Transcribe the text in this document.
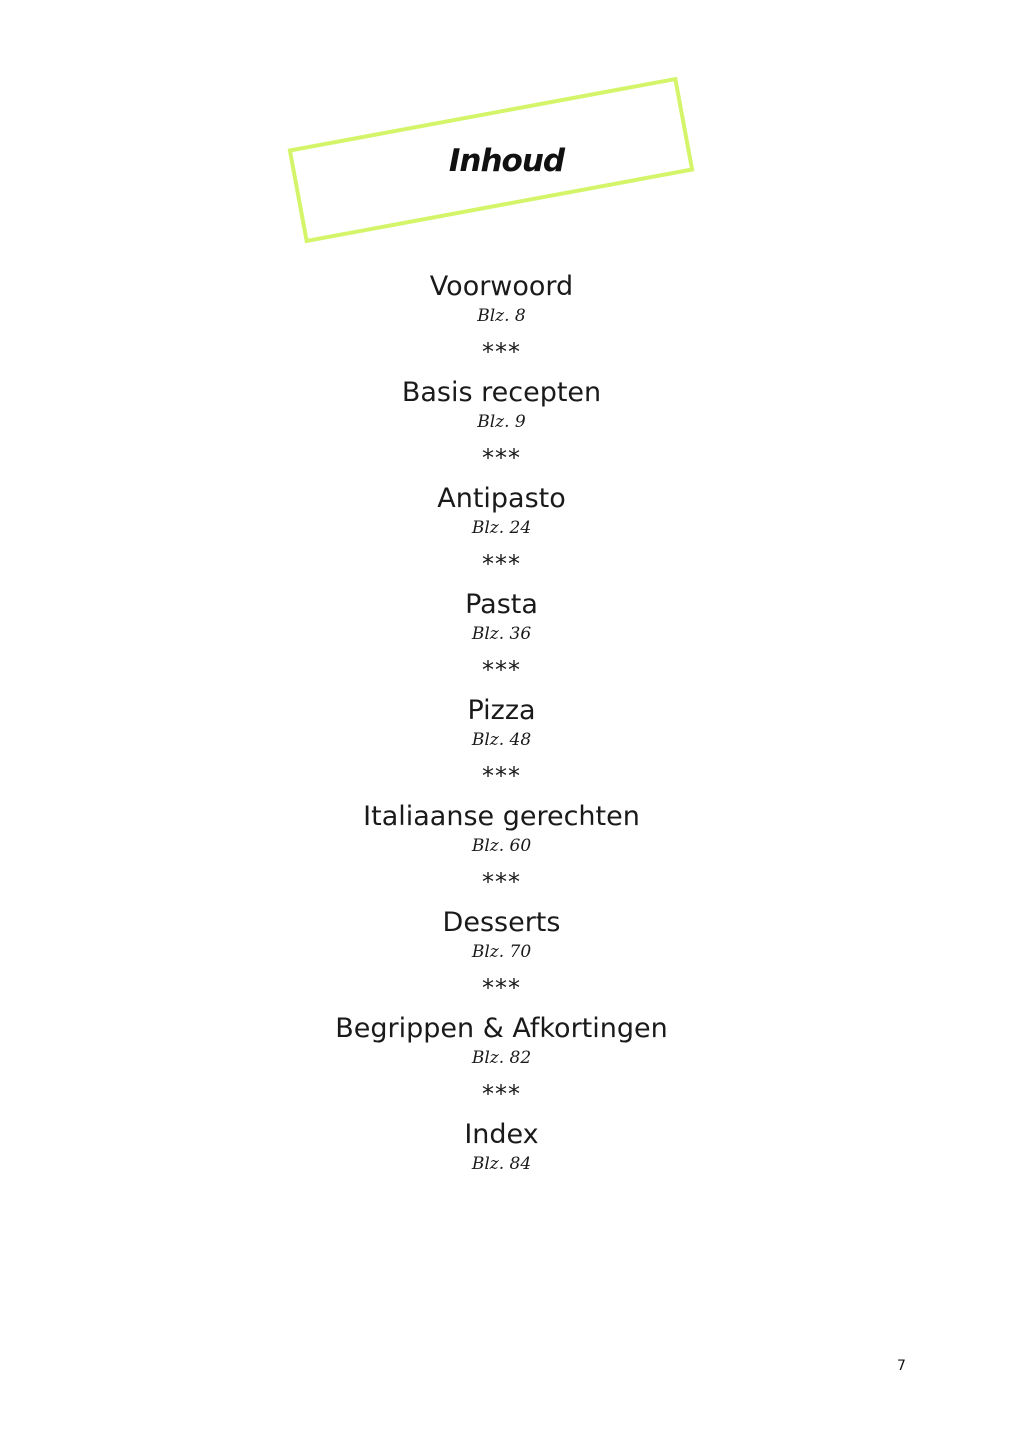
Inhoud
Voorwoord
Blz. 8
***
Basis recepten
Blz. 9
***
Antipasto
Blz. 24
***
Pasta
Blz. 36
***
Pizza
Blz. 48
***
Italiaanse gerechten
Blz. 60
***
Desserts
Blz. 70
***
Begrippen & Afkortingen
Blz. 82
***
Index
Blz. 84
7
